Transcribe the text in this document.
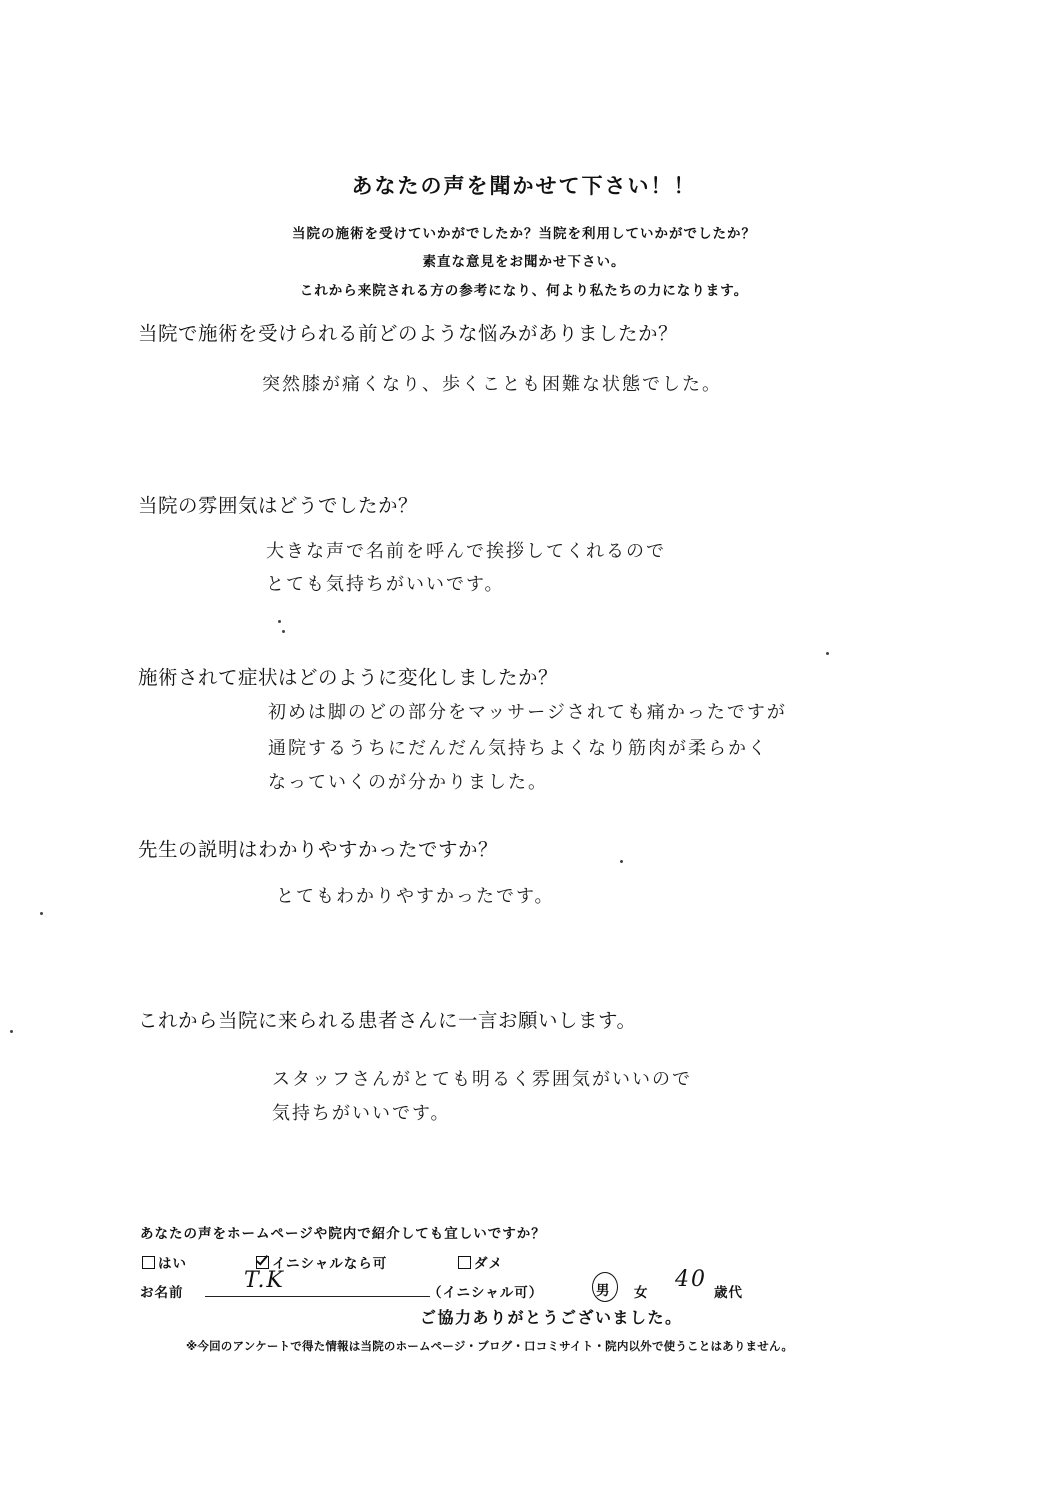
あなたの声を聞かせて下さい！！
当院の施術を受けていかがでしたか？当院を利用していかがでしたか？
素直な意見をお聞かせ下さい。
これから来院される方の参考になり、何より私たちの力になります。
当院で施術を受けられる前どのような悩みがありましたか？
突然膝が痛くなり、歩くことも困難な状態でした。
当院の雰囲気はどうでしたか？
大きな声で名前を呼んで挨拶してくれるので
とても気持ちがいいです。
施術されて症状はどのように変化しましたか？
初めは脚のどの部分をマッサージされても痛かったですが
通院するうちにだんだん気持ちよくなり筋肉が柔らかく
なっていくのが分かりました。
先生の説明はわかりやすかったですか？
とてもわかりやすかったです。
これから当院に来られる患者さんに一言お願いします。
スタッフさんがとても明るく雰囲気がいいので
気持ちがいいです。
あなたの声をホームページや院内で紹介しても宜しいですか？
はい	イニシャルなら可	ダメ
お名前	T.K	（イニシャル可）	男 女
40
歳代
ご協力ありがとうございました。
※今回のアンケートで得た情報は当院のホームページ・ブログ・口コミサイト・院内以外で使うことはありません。
